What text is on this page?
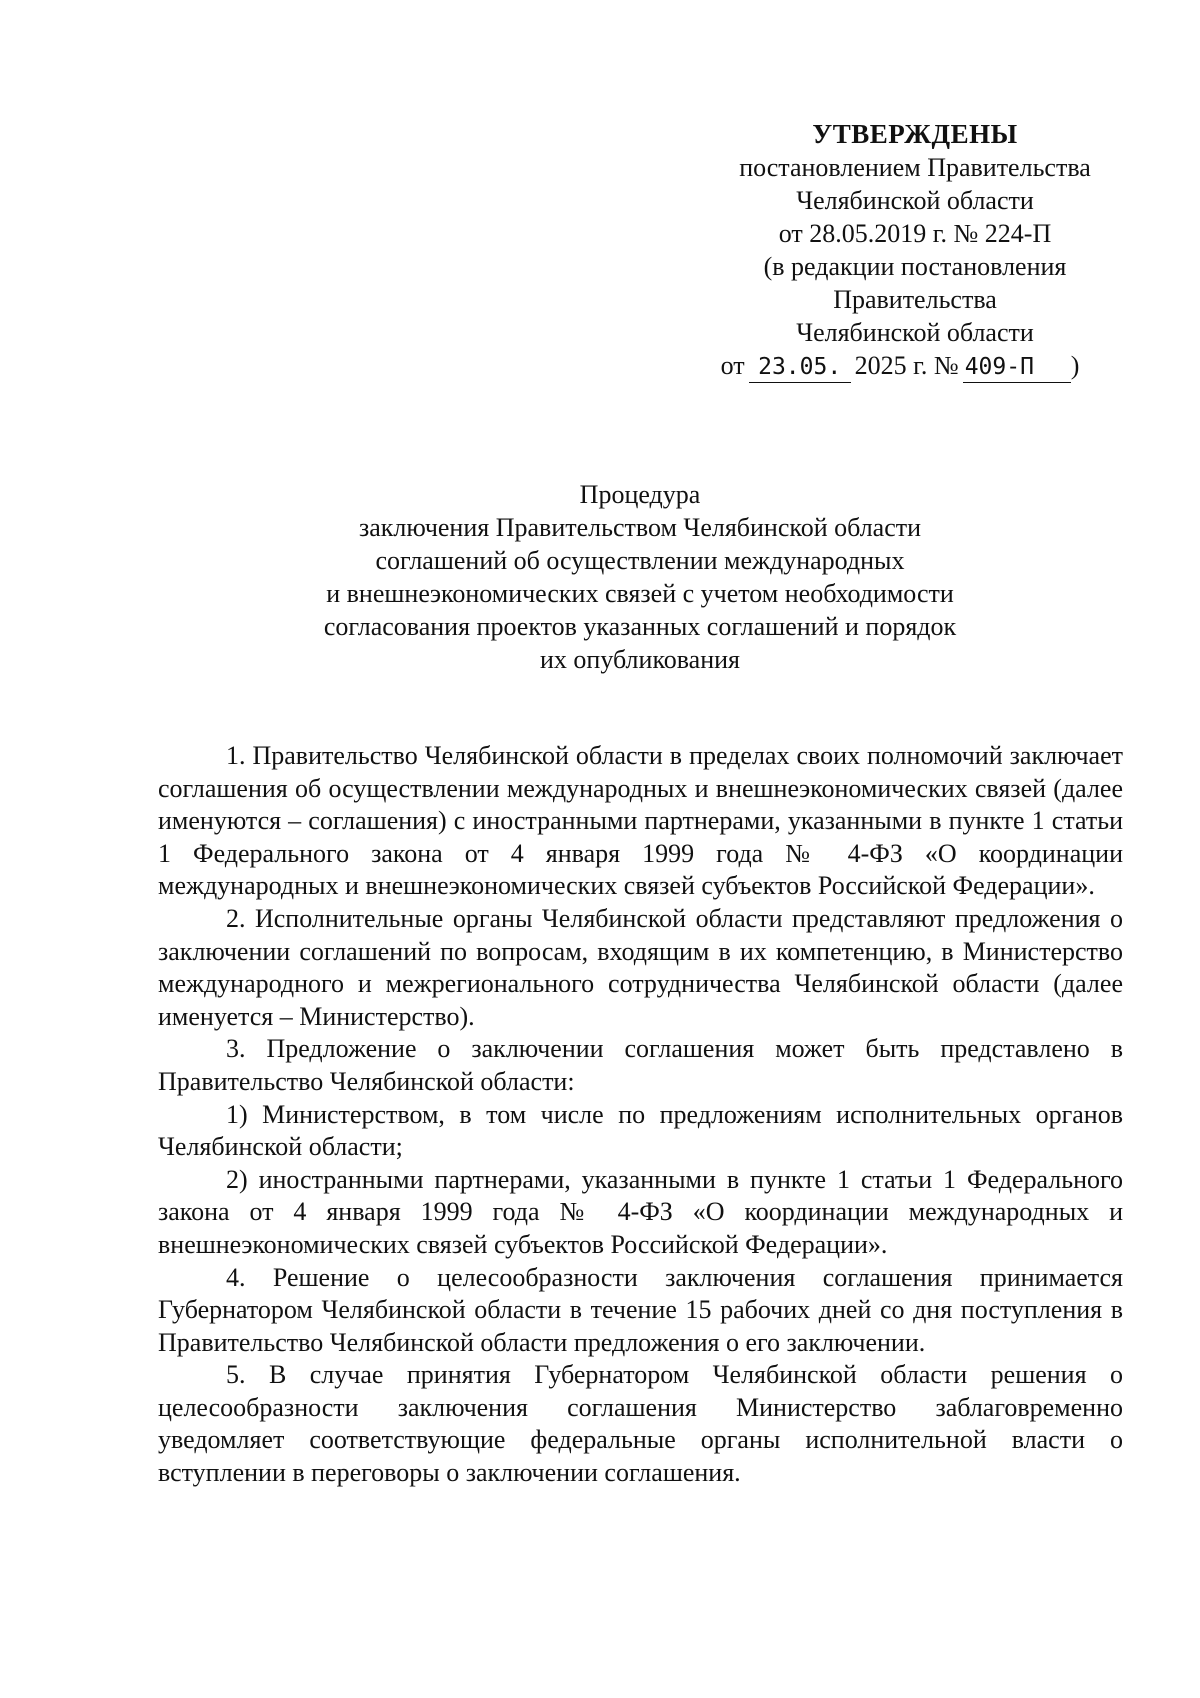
УТВЕРЖДЕНЫ
постановлением Правительства
Челябинской области
от 28.05.2019 г. № 224-П
(в редакции постановления
Правительства
Челябинской области
от 23.05. 2025 г. № 409-П )
Процедура
заключения Правительством Челябинской области
соглашений об осуществлении международных
и внешнеэкономических связей с учетом необходимости
согласования проектов указанных соглашений и порядок
их опубликования

1. Правительство Челябинской области в пределах своих полномочий заключает соглашения об осуществлении международных и внешнеэкономических связей (далее именуются – соглашения) с иностранными партнерами, указанными в пункте 1 статьи 1 Федерального закона от 4 января 1999 года № 4-ФЗ «О координации международных и внешнеэкономических связей субъектов Российской Федерации».

2. Исполнительные органы Челябинской области представляют предложения о заключении соглашений по вопросам, входящим в их компетенцию, в Министерство международного и межрегионального сотрудничества Челябинской области (далее именуется – Министерство).

3. Предложение о заключении соглашения может быть представлено в Правительство Челябинской области:

1) Министерством, в том числе по предложениям исполнительных органов Челябинской области;

2) иностранными партнерами, указанными в пункте 1 статьи 1 Федерального закона от 4 января 1999 года № 4-ФЗ «О координации международных и внешнеэкономических связей субъектов Российской Федерации».

4. Решение о целесообразности заключения соглашения принимается Губернатором Челябинской области в течение 15 рабочих дней со дня поступления в Правительство Челябинской области предложения о его заключении.

5. В случае принятия Губернатором Челябинской области решения о целесообразности заключения соглашения Министерство заблаговременно уведомляет соответствующие федеральные органы исполнительной власти о вступлении в переговоры о заключении соглашения.
